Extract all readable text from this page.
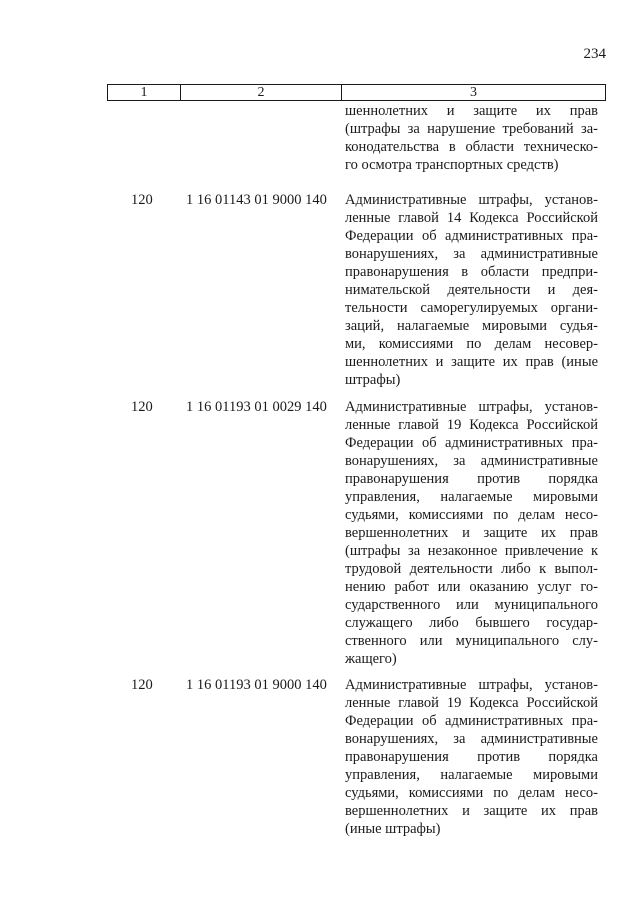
234
1	2	3
шеннолетних и защите их прав
(штрафы за нарушение требований за-
конодательства в области техническо-
го осмотра транспортных средств)
120	1 16 01143 01 9000 140	Административные штрафы, установ-
ленные главой 14 Кодекса Российской
Федерации об административных пра-
вонарушениях, за административные
правонарушения в области предпри-
нимательской деятельности и дея-
тельности саморегулируемых органи-
заций, налагаемые мировыми судья-
ми, комиссиями по делам несовер-
шеннолетних и защите их прав (иные
штрафы)
120	1 16 01193 01 0029 140	Административные штрафы, установ-
ленные главой 19 Кодекса Российской
Федерации об административных пра-
вонарушениях, за административные
правонарушения против порядка
управления, налагаемые мировыми
судьями, комиссиями по делам несо-
вершеннолетних и защите их прав
(штрафы за незаконное привлечение к
трудовой деятельности либо к выпол-
нению работ или оказанию услуг го-
сударственного или муниципального
служащего либо бывшего государ-
ственного или муниципального слу-
жащего)
120	1 16 01193 01 9000 140	Административные штрафы, установ-
ленные главой 19 Кодекса Российской
Федерации об административных пра-
вонарушениях, за административные
правонарушения против порядка
управления, налагаемые мировыми
судьями, комиссиями по делам несо-
вершеннолетних и защите их прав
(иные штрафы)
